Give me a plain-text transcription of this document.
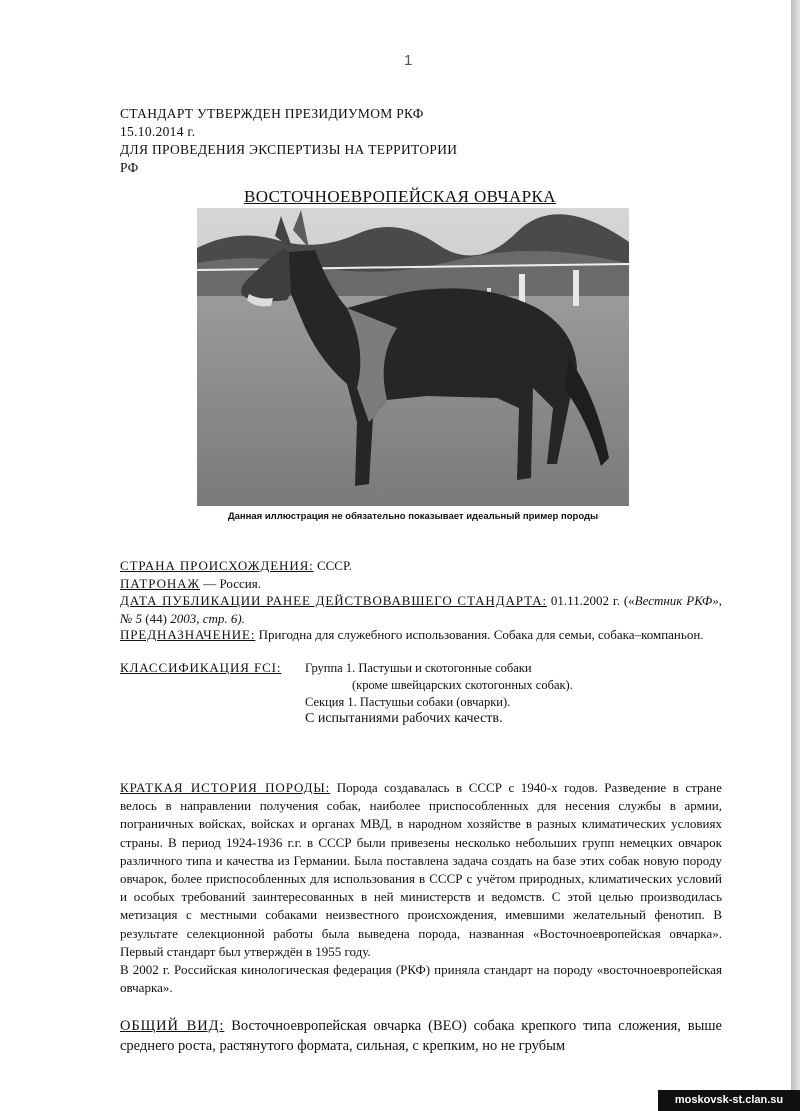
1
СТАНДАРТ УТВЕРЖДЕН ПРЕЗИДИУМОМ РКФ
15.10.2014 г.
ДЛЯ ПРОВЕДЕНИЯ ЭКСПЕРТИЗЫ НА ТЕРРИТОРИИ
РФ
ВОСТОЧНОЕВРОПЕЙСКАЯ ОВЧАРКА
Данная иллюстрация не обязательно показывает идеальный пример породы
СТРАНА ПРОИСХОЖДЕНИЯ: СССР.
ПАТРОНАЖ — Россия.
ДАТА ПУБЛИКАЦИИ РАНЕЕ ДЕЙСТВОВАВШЕГО СТАНДАРТА: 01.11.2002 г. («Вестник РКФ», № 5 (44) 2003, стр. 6).
ПРЕДНАЗНАЧЕНИЕ: Пригодна для служебного использования. Собака для семьи, собака–компаньон.
КЛАССИФИКАЦИЯ FCI:	Группа 1. Пастушьи и скотогонные собаки
(кроме швейцарских скотогонных собак).
Секция 1. Пастушьи собаки (овчарки).
С испытаниями рабочих качеств.
КРАТКАЯ ИСТОРИЯ ПОРОДЫ: Порода создавалась в СССР с 1940-х годов. Разведение в стране велось в направлении получения собак, наиболее приспособленных для несения службы в армии, пограничных войсках, войсках и органах МВД, в народном хозяйстве в разных климатических условиях страны. В период 1924-1936 г.г. в СССР были привезены несколько небольших групп немецких овчарок различного типа и качества из Германии. Была поставлена задача создать на базе этих собак новую породу овчарок, более приспособленных для использования в СССР с учётом природных, климатических условий и особых требований заинтересованных в ней министерств и ведомств. С этой целью производилась метизация с местными собаками неизвестного происхождения, имевшими желательный фенотип. В результате селекционной работы была выведена порода, названная «Восточноевропейская овчарка». Первый стандарт был утверждён в 1955 году.
В 2002 г. Российская кинологическая федерация (РКФ) приняла стандарт на породу «восточноевропейская овчарка».
ОБЩИЙ ВИД: Восточноевропейская овчарка (ВЕО) собака крепкого типа сложения, выше среднего роста, растянутого формата, сильная, с крепким, но не грубым
moskovsk-st.clan.su
